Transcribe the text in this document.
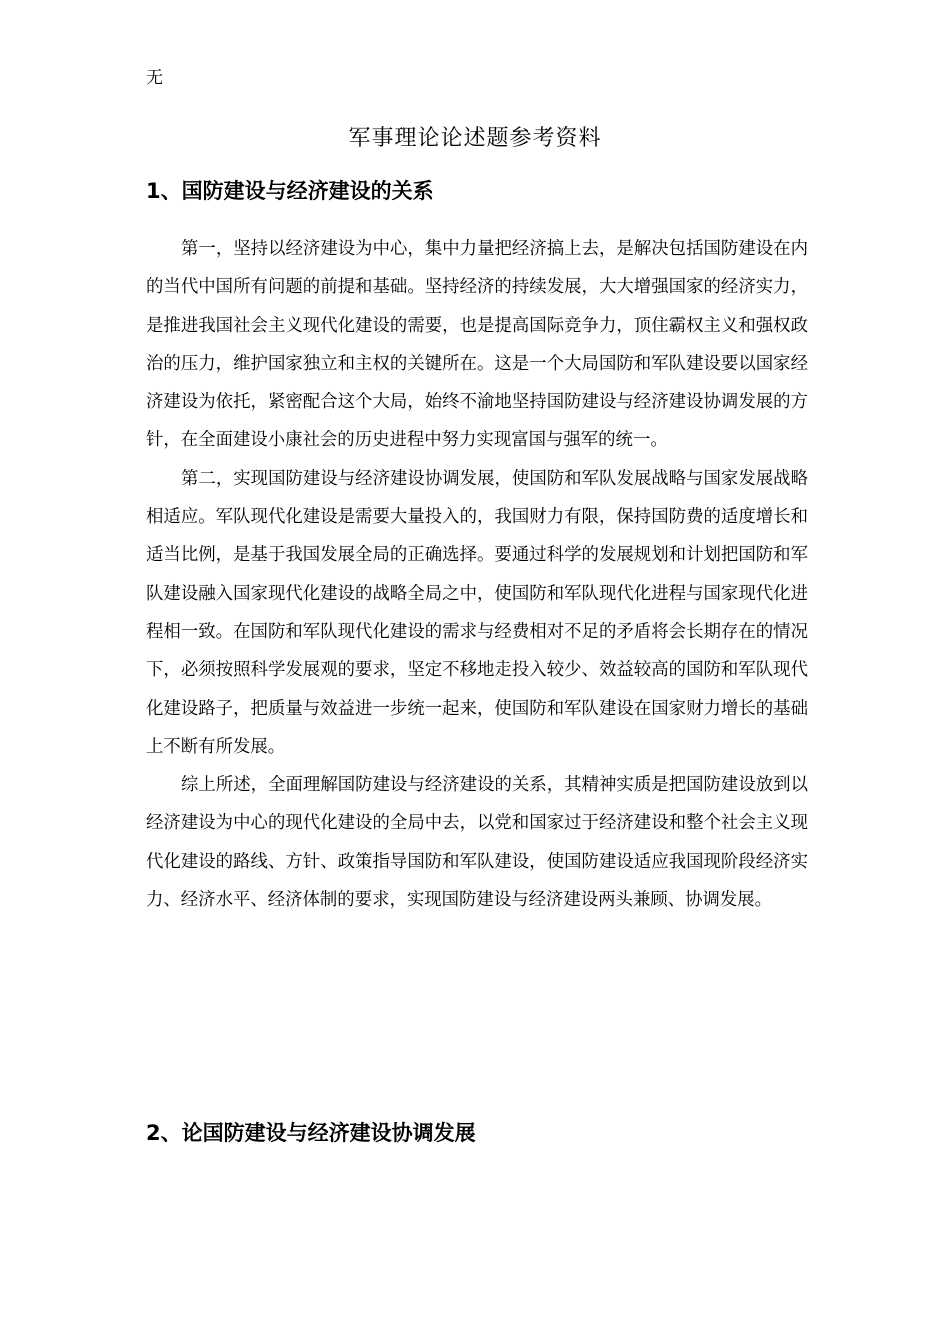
无
军事理论论述题参考资料
1、国防建设与经济建设的关系

第一，坚持以经济建设为中心，集中力量把经济搞上去，是解决包括国防建设在内的当代中国所有问题的前提和基础。坚持经济的持续发展，大大增强国家的经济实力，是推进我国社会主义现代化建设的需要，也是提高国际竞争力，顶住霸权主义和强权政治的压力，维护国家独立和主权的关键所在。这是一个大局国防和军队建设要以国家经济建设为依托，紧密配合这个大局，始终不渝地坚持国防建设与经济建设协调发展的方针，在全面建设小康社会的历史进程中努力实现富国与强军的统一。

第二，实现国防建设与经济建设协调发展，使国防和军队发展战略与国家发展战略相适应。军队现代化建设是需要大量投入的，我国财力有限，保持国防费的适度增长和适当比例，是基于我国发展全局的正确选择。要通过科学的发展规划和计划把国防和军队建设融入国家现代化建设的战略全局之中，使国防和军队现代化进程与国家现代化进程相一致。在国防和军队现代化建设的需求与经费相对不足的矛盾将会长期存在的情况下，必须按照科学发展观的要求，坚定不移地走投入较少、效益较高的国防和军队现代化建设路子，把质量与效益进一步统一起来，使国防和军队建设在国家财力增长的基础上不断有所发展。

综上所述，全面理解国防建设与经济建设的关系，其精神实质是把国防建设放到以经济建设为中心的现代化建设的全局中去，以党和国家过于经济建设和整个社会主义现代化建设的路线、方针、政策指导国防和军队建设，使国防建设适应我国现阶段经济实力、经济水平、经济体制的要求，实现国防建设与经济建设两头兼顾、协调发展。

2、论国防建设与经济建设协调发展
